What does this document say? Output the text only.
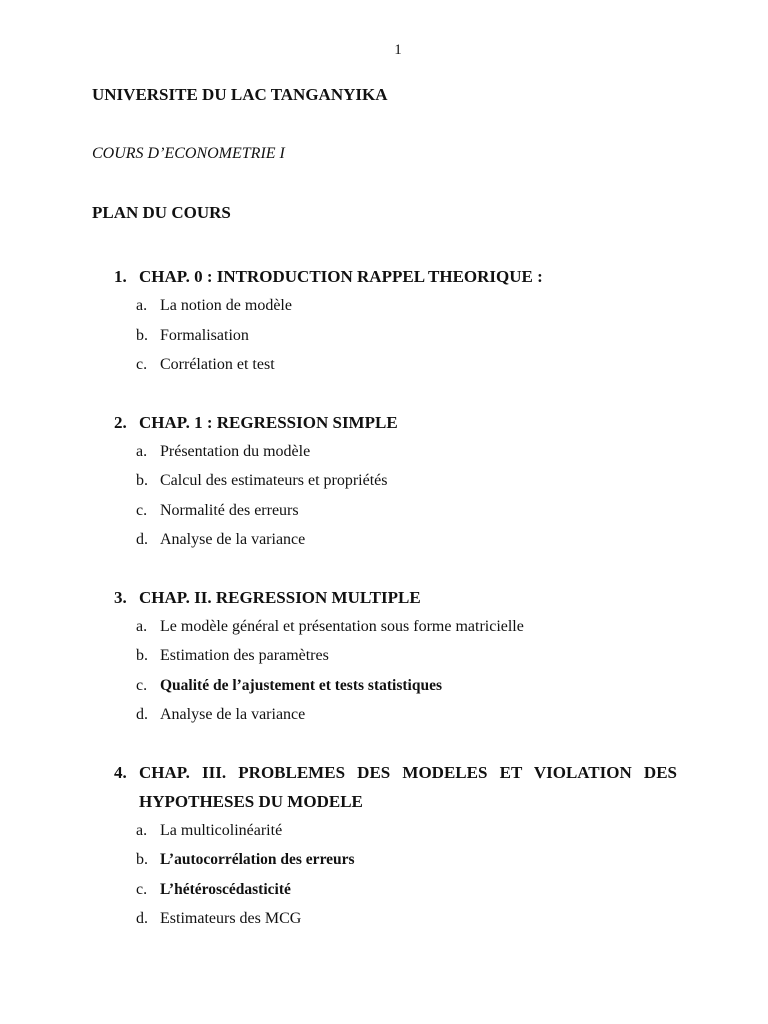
1
UNIVERSITE DU LAC TANGANYIKA
COURS D’ECONOMETRIE I
PLAN DU COURS
1. CHAP. 0 : INTRODUCTION RAPPEL THEORIQUE :
a. La notion de modèle
b. Formalisation
c. Corrélation et test
2. CHAP. 1 : REGRESSION SIMPLE
a. Présentation du modèle
b. Calcul des estimateurs et propriétés
c. Normalité des erreurs
d. Analyse de la variance
3. CHAP. II. REGRESSION MULTIPLE
a. Le modèle général et présentation sous forme matricielle
b. Estimation des paramètres
c. Qualité de l’ajustement et tests statistiques
d. Analyse de la variance
4. CHAP. III. PROBLEMES DES MODELES ET VIOLATION DES HYPOTHESES DU MODELE
a. La multicolinéarité
b. L’autocorrélation des erreurs
c. L’hétéroscédasticité
d. Estimateurs des MCG
